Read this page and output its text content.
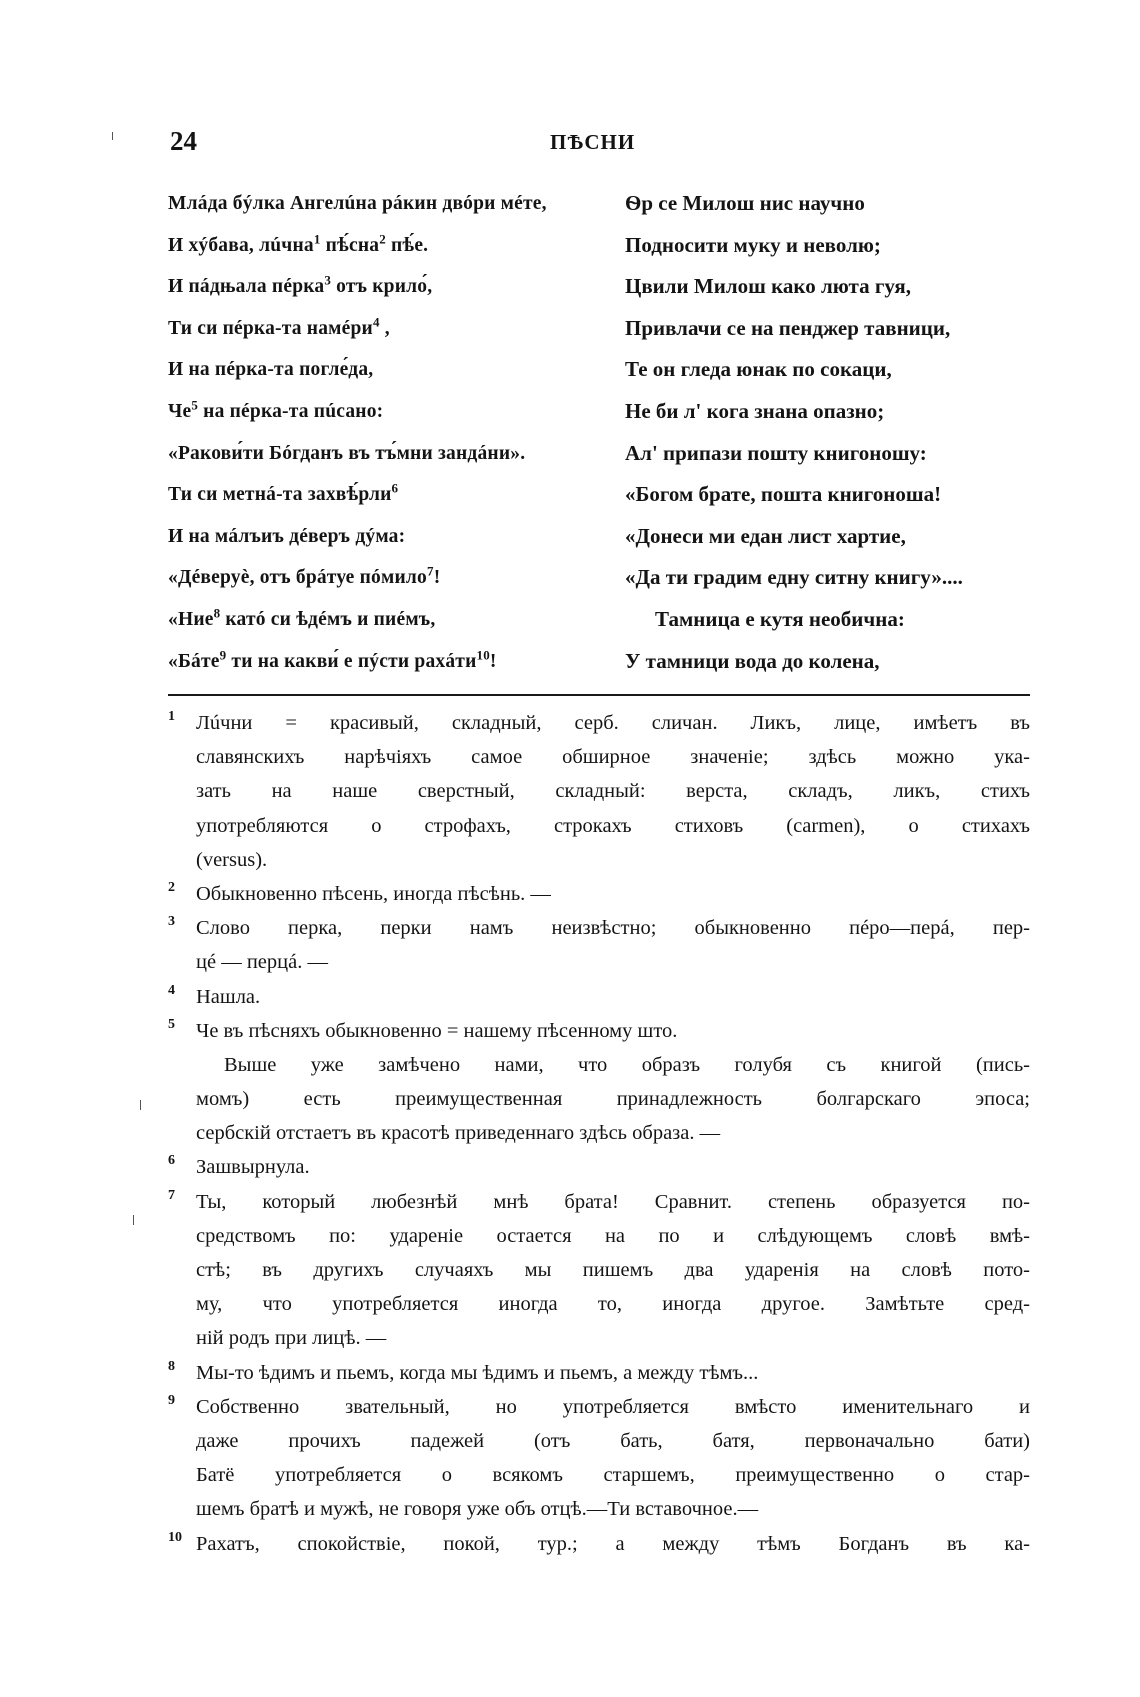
24	ПѢСНИ
Млáда бýлка Ангелúна рáкин двóри мéте,
И хýбава, лúчна$^1$ пѣ́сна$^2$ пѣ́е.
И пáдњала пéрка$^3$ отъ крило́,
Ти си пéрка-та намéри$^4$ ,
И на пéрка-та погле́да,
$Че^5$ на пéрка-та пúсано:
«Ракови́ти Бóгданъ въ тъ́мни зандáни».
Ти си метнá-та захвѣ́рли$^6$
И на мáлъиъ дéверъ дýма:
«Дéверуè, отъ брáтуе пóмило$^7$!
«Ние$^8$ катó си ѣдéмъ и пиéмъ,
«Бáте$^9$ ти на какви́ е пýсти рахáти$^{10}$!
Ѳр се Милош нис научно
Подносити муку и неволю;
Цвили Милош како люта гуя,
Привлачи се на пенджер тавници,
Те он гледа юнак по сокаци,
Не би л' кога знана опазно;
Ал' припази пошту книгоношу:
«Богом брате, пошта книгоноша!
«Донеси ми едан лист хартие,
«Да ти градим едну ситну книгу»....
Тамница е кутя необична:
У тамници вода до колена,
1 Лúчни = красивый, складный, серб. сличан. Ликъ, лице, имѣетъ въ
славянскихъ нарѣчіяхъ самое обширное значеніе; здѣсь можно ука-
зать на наше сверстный, складный: верста, складъ, ликъ, стихъ
употребляются о строфахъ, строкахъ стиховъ (carmen), о стихахъ
(versus).
2 Обыкновенно пѣсень, иногда пѣсѣнь. —
3 Слово перка, перки намъ неизвѣстно; обыкновенно пéро—перá, пер-
цé — перцá. —
4 Нашла.
5 Че въ пѣсняхъ обыкновенно = нашему пѣсенному што.
Выше уже замѣчено нами, что образъ голубя съ книгой (пись-
момъ) есть преимущественная принадлежность болгарскаго эпоса;
сербскій отстаетъ въ красотѣ приведеннаго здѣсь образа. —
6 Зашвырнула.
7 Ты, который любезнѣй мнѣ брата! Сравнит. степень образуется по-
средствомъ по: удареніе остается на по и слѣдующемъ словѣ вмѣ-
стѣ; въ другихъ случаяхъ мы пишемъ два ударенія на словѣ пото-
му, что употребляется иногда то, иногда другое. Замѣтьте сред-
ній родъ при лицѣ. —
8 Мы-то ѣдимъ и пьемъ, когда мы ѣдимъ и пьемъ, а между тѣмъ...
9 Собственно звательный, но употребляется вмѣсто именительнаго и
даже прочихъ падежей (отъ бать, батя, первоначально бати)
Батë употребляется о всякомъ старшемъ, преимущественно о стар-
шемъ братѣ и мужѣ, не говоря уже объ отцѣ.—Ти вставочное.—
10 Рахатъ, спокойствіе, покой, тур.; а между тѣмъ Богданъ въ ка-
